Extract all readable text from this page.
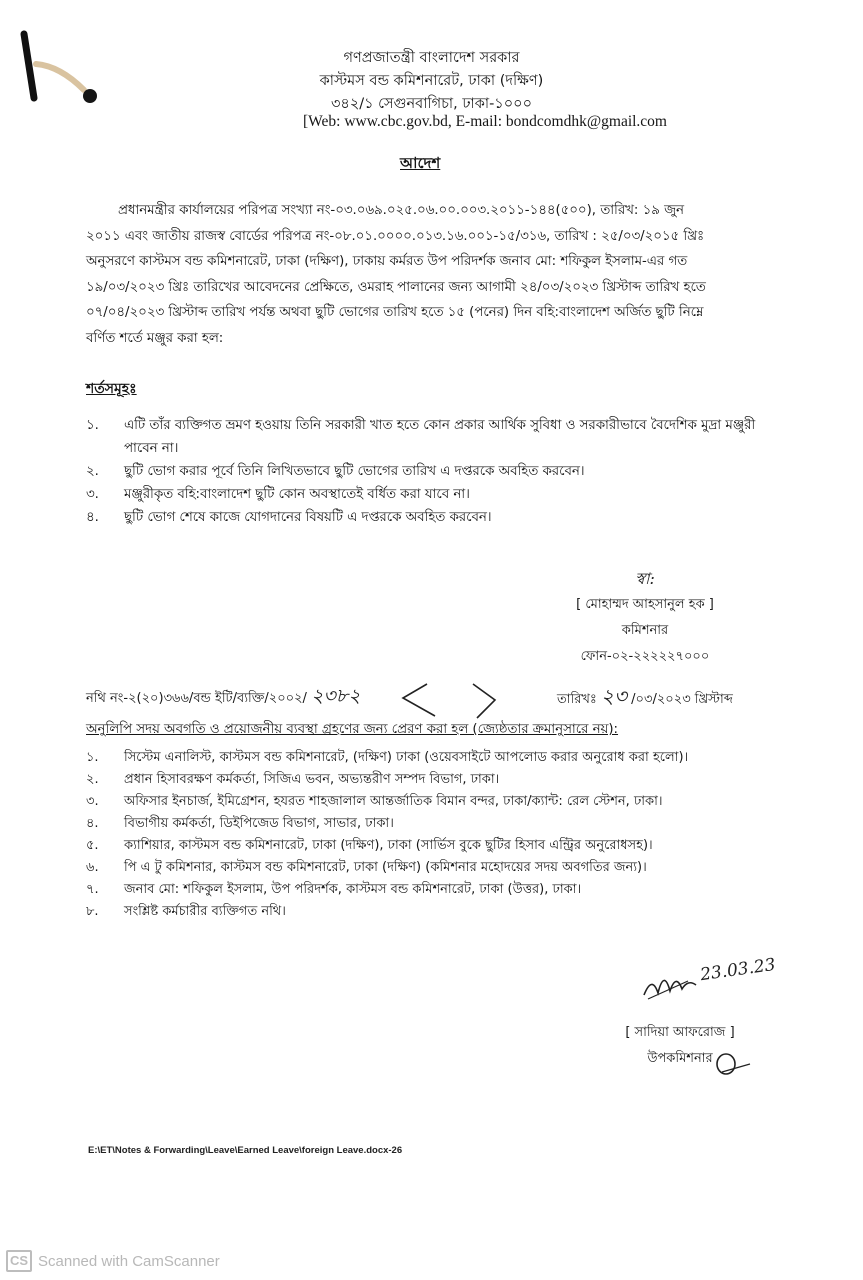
গণপ্রজাতন্ত্রী বাংলাদেশ সরকার
কাস্টমস বন্ড কমিশনারেট, ঢাকা (দক্ষিণ)
৩৪২/১ সেগুনবাগিচা, ঢাকা-১০০০
[Web: www.cbc.gov.bd, E-mail: bondcomdhk@gmail.com
আদেশ

প্রধানমন্ত্রীর কার্যালয়ের পরিপত্র সংখ্যা নং-০৩.০৬৯.০২৫.০৬.০০.০০৩.২০১১-১৪৪(৫০০), তারিখ: ১৯ জুন

২০১১ এবং জাতীয় রাজস্ব বোর্ডের পরিপত্র নং-০৮.০১.০০০০.০১৩.১৬.০০১-১৫/৩১৬, তারিখ : ২৫/০৩/২০১৫ খ্রিঃ

অনুসরণে কাস্টমস বন্ড কমিশনারেট, ঢাকা (দক্ষিণ), ঢাকায় কর্মরত উপ পরিদর্শক জনাব মো: শফিকুল ইসলাম-এর গত

১৯/০৩/২০২৩ খ্রিঃ তারিখের আবেদনের প্রেক্ষিতে, ওমরাহ পালানের জন্য আগামী ২৪/০৩/২০২৩ খ্রিস্টাব্দ তারিখ হতে

০৭/০৪/২০২৩ খ্রিস্টাব্দ তারিখ পর্যন্ত অথবা ছুটি ভোগের তারিখ হতে ১৫ (পনের) দিন বহি:বাংলাদেশ অর্জিত ছুটি নিম্নে

বর্ণিত শর্তে মঞ্জুর করা হল:

শর্তসমূহঃ
১.	এটি তাঁর ব্যক্তিগত ভ্রমণ হওয়ায় তিনি সরকারী খাত হতে কোন প্রকার আর্থিক সুবিধা ও সরকারীভাবে বৈদেশিক মুদ্রা মঞ্জুরী পাবেন না।
২.	ছুটি ভোগ করার পূর্বে তিনি লিখিতভাবে ছুটি ভোগের তারিখ এ দপ্তরকে অবহিত করবেন।
৩.	মঞ্জুরীকৃত বহি:বাংলাদেশ ছুটি কোন অবস্থাতেই বর্ধিত করা যাবে না।
৪.	ছুটি ভোগ শেষে কাজে যোগদানের বিষয়টি এ দপ্তরকে অবহিত করবেন।
স্বা:
[ মোহাম্মদ আহসানুল হক ]
কমিশনার
ফোন-০২-২২২২২৭০০০
নথি নং-২(২০)৩৬৬/বন্ড ইটি/ব্যক্তি/২০০২/ ২৩৮২	তারিখঃ ২৩ /০৩/২০২৩ খ্রিস্টাব্দ
অনুলিপি সদয় অবগতি ও প্রয়োজনীয় ব্যবস্থা গ্রহণের জন্য প্রেরণ করা হল (জ্যেষ্ঠতার ক্রমানুসারে নয়):
১.	সিস্টেম এনালিস্ট, কাস্টমস বন্ড কমিশনারেট, (দক্ষিণ) ঢাকা (ওয়েবসাইটে আপলোড করার অনুরোধ করা হলো)।
২.	প্রধান হিসাবরক্ষণ কর্মকর্তা, সিজিএ ভবন, অভ্যন্তরীণ সম্পদ বিভাগ, ঢাকা।
৩.	অফিসার ইনচার্জ, ইমিগ্রেশন, হযরত শাহজালাল আন্তর্জাতিক বিমান বন্দর, ঢাকা/ক্যান্ট: রেল স্টেশন, ঢাকা।
৪.	বিভাগীয় কর্মকর্তা, ডিইপিজেড বিভাগ, সাভার, ঢাকা।
৫.	ক্যাশিয়ার, কাস্টমস বন্ড কমিশনারেট, ঢাকা (দক্ষিণ), ঢাকা (সার্ভিস বুকে ছুটির হিসাব এন্ট্রির অনুরোধসহ)।
৬.	পি এ টু কমিশনার, কাস্টমস বন্ড কমিশনারেট, ঢাকা (দক্ষিণ) (কমিশনার মহোদয়ের সদয় অবগতির জন্য)।
৭.	জনাব মো: শফিকুল ইসলাম, উপ পরিদর্শক, কাস্টমস বন্ড কমিশনারেট, ঢাকা (উত্তর), ঢাকা।
৮.	সংশ্লিষ্ট কর্মচারীর ব্যক্তিগত নথি।
23.03.23
[ সাদিয়া আফরোজ ]
উপকমিশনার
E:\ET\Notes & Forwarding\Leave\Earned Leave\foreign Leave.docx-26
CS Scanned with CamScanner
